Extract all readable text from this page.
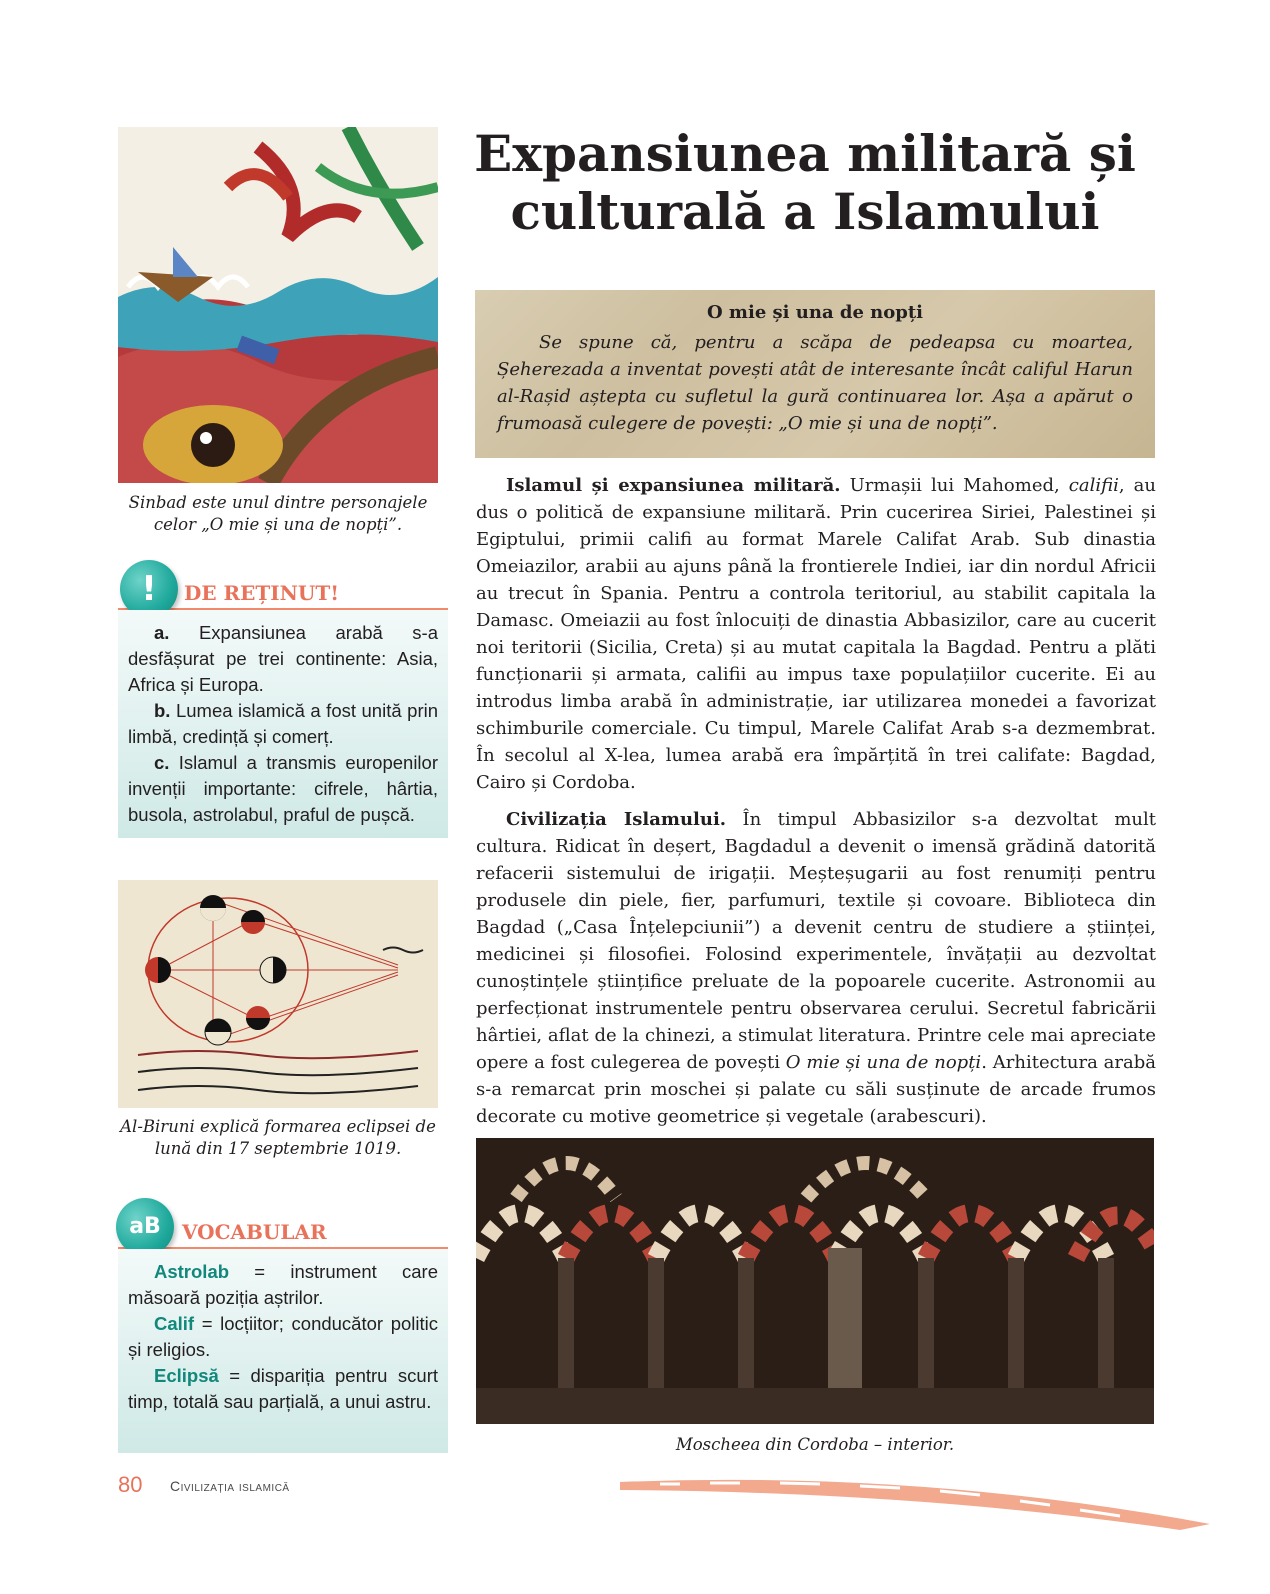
Expansiunea militară și culturală a Islamului
Sinbad este unul dintre personajele celor „O mie și una de nopți”.
DE REȚINUT!
!

a. Expansiunea arabă s-a desfășurat pe trei continente: Asia, Africa și Europa.

b. Lumea islamică a fost unită prin limbă, credință și comerț.

c. Islamul a transmis europenilor invenții importante: cifrele, hârtia, busola, astrolabul, praful de pușcă.

Al-Biruni explică formarea eclipsei de lună din 17 septembrie 1019.
VOCABULAR
aB

Astrolab = instrument care măsoară poziția aștrilor.

Calif = locțiitor; conducător politic și religios.

Eclipsă = dispariția pentru scurt timp, totală sau parțială, a unui astru.

O mie și una de nopți

Se spune că, pentru a scăpa de pedeapsa cu moartea, Șeherezada a inventat povești atât de interesante încât califul Harun al-Rașid aștepta cu sufletul la gură continuarea lor. Așa a apărut o frumoasă culegere de povești: „O mie și una de nopți”.

Islamul și expansiunea militară. Urmașii lui Mahomed, califii, au dus o politică de expansiune militară. Prin cucerirea Siriei, Palestinei și Egiptului, primii califi au format Marele Califat Arab. Sub dinastia Omeiazilor, arabii au ajuns până la frontierele Indiei, iar din nordul Africii au trecut în Spania. Pentru a controla teritoriul, au stabilit capitala la Damasc. Omeiazii au fost înlocuiți de dinastia Abbasizilor, care au cucerit noi teritorii (Sicilia, Creta) și au mutat capitala la Bagdad. Pentru a plăti funcționarii și armata, califii au impus taxe populațiilor cucerite. Ei au introdus limba arabă în administrație, iar utilizarea monedei a favorizat schimburile comerciale. Cu timpul, Marele Califat Arab s-a dezmembrat. În secolul al X-lea, lumea arabă era împărțită în trei califate: Bagdad, Cairo și Cordoba.

Civilizația Islamului. În timpul Abbasizilor s-a dezvoltat mult cultura. Ridicat în deșert, Bagdadul a devenit o imensă grădină datorită refacerii sistemului de irigații. Meșteșugarii au fost renumiți pentru produsele din piele, fier, parfumuri, textile și covoare. Biblioteca din Bagdad („Casa Înțelepciunii”) a devenit centru de studiere a științei, medicinei și filosofiei. Folosind experimentele, învățații au dezvoltat cunoștințele științifice preluate de la popoarele cucerite. Astronomii au perfecționat instrumentele pentru observarea cerului. Secretul fabricării hârtiei, aflat de la chinezi, a stimulat literatura. Printre cele mai apreciate opere a fost culegerea de povești O mie și una de nopți. Arhitectura arabă s-a remarcat prin moschei și palate cu săli susținute de arcade frumos decorate cu motive geometrice și vegetale (arabescuri).

Moscheea din Cordoba – interior.
80 Civilizația islamică
